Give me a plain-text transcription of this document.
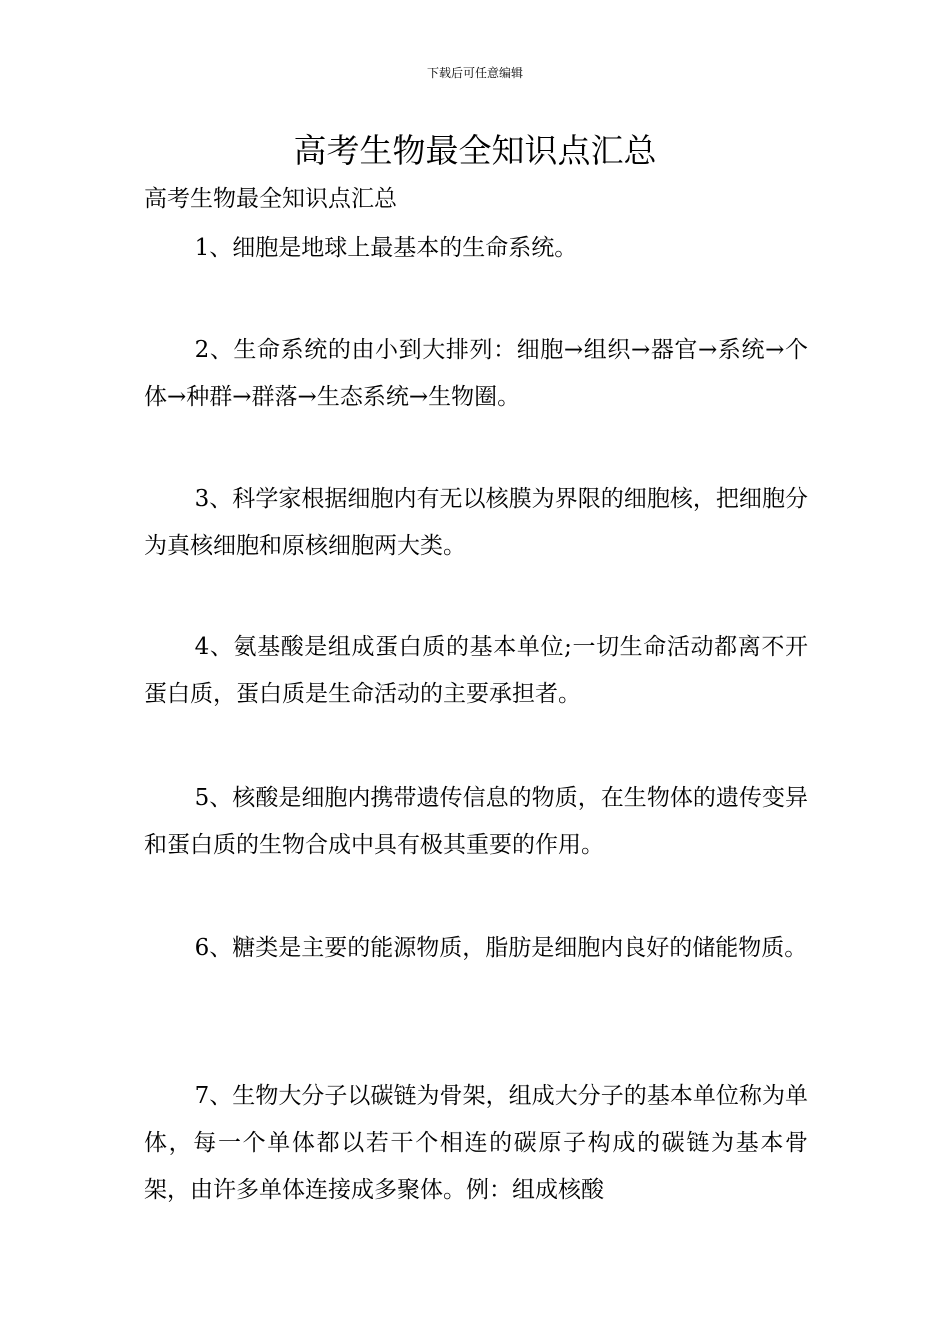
下载后可任意编辑
高考生物最全知识点汇总
高考生物最全知识点汇总

1、细胞是地球上最基本的生命系统。

2、生命系统的由小到大排列：细胞→组织→器官→系统→个体→种群→群落→生态系统→生物圈。

3、科学家根据细胞内有无以核膜为界限的细胞核，把细胞分为真核细胞和原核细胞两大类。

4、氨基酸是组成蛋白质的基本单位;一切生命活动都离不开蛋白质，蛋白质是生命活动的主要承担者。

5、核酸是细胞内携带遗传信息的物质，在生物体的遗传变异和蛋白质的生物合成中具有极其重要的作用。

6、糖类是主要的能源物质，脂肪是细胞内良好的储能物质。

7、生物大分子以碳链为骨架，组成大分子的基本单位称为单体，每一个单体都以若干个相连的碳原子构成的碳链为基本骨架，由许多单体连接成多聚体。例：组成核酸
